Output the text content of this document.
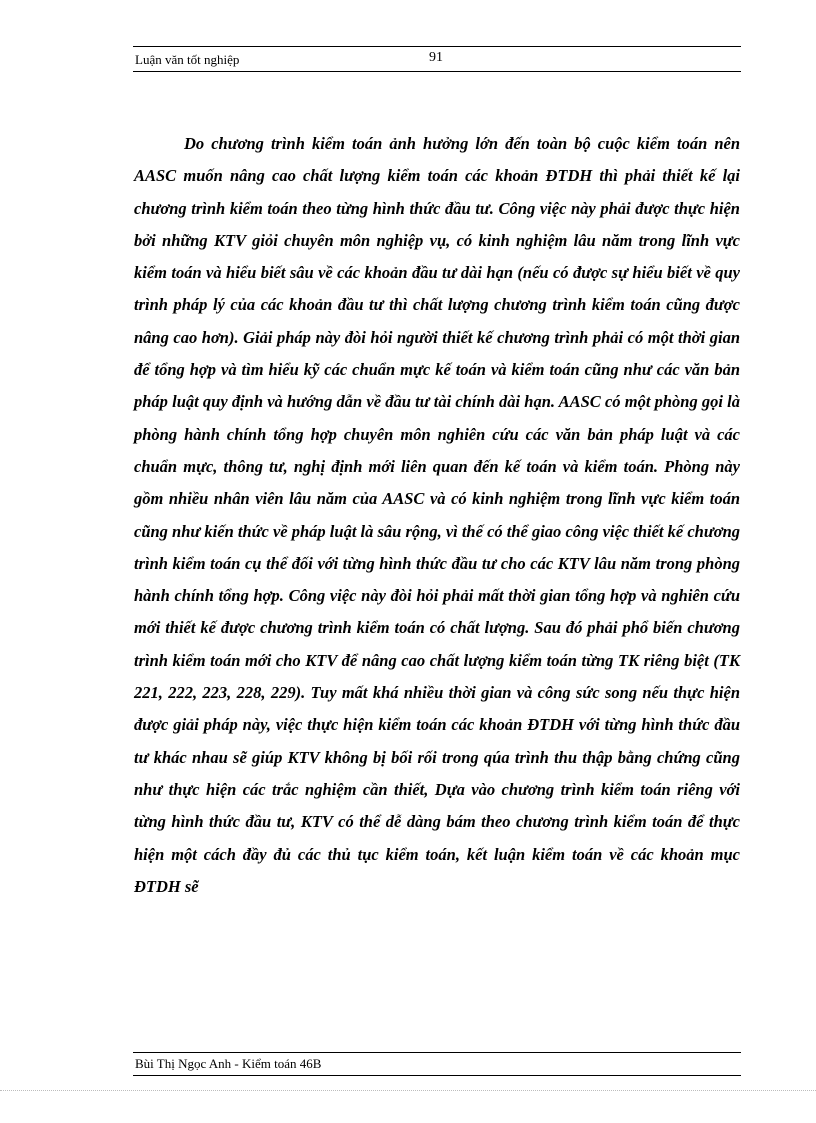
Luận văn tốt nghiệp	91

Do chương trình kiểm toán ảnh hưởng lớn đến toàn bộ cuộc kiểm toán nên AASC muốn nâng cao chất lượng kiểm toán các khoản ĐTDH thì phải thiết kế lại chương trình kiểm toán theo từng hình thức đầu tư. Công việc này phải được thực hiện bởi những KTV giỏi chuyên môn nghiệp vụ, có kinh nghiệm lâu năm trong lĩnh vực kiểm toán và hiểu biết sâu về các khoản đầu tư dài hạn (nếu có được sự hiểu biết về quy trình pháp lý của các khoản đầu tư thì chất lượng chương trình kiểm toán cũng được nâng cao hơn). Giải pháp này đòi hỏi người thiết kế chương trình phải có một thời gian để tổng hợp và tìm hiểu kỹ các chuẩn mực kế toán và kiểm toán cũng như các văn bản pháp luật quy định và hướng dẫn về đầu tư tài chính dài hạn. AASC có một phòng gọi là phòng hành chính tổng hợp chuyên môn nghiên cứu các văn bản pháp luật và các chuẩn mực, thông tư, nghị định mới liên quan đến kế toán và kiểm toán. Phòng này gồm nhiều nhân viên lâu năm của AASC và có kinh nghiệm trong lĩnh vực kiểm toán cũng như kiến thức về pháp luật là sâu rộng, vì thế có thể giao công việc thiết kế chương trình kiểm toán cụ thể đối với từng hình thức đầu tư cho các KTV lâu năm trong phòng hành chính tổng hợp. Công việc này đòi hỏi phải mất thời gian tổng hợp và nghiên cứu mới thiết kế được chương trình kiểm toán có chất lượng. Sau đó phải phổ biến chương trình kiểm toán mới cho KTV để nâng cao chất lượng kiểm toán từng TK riêng biệt (TK 221, 222, 223, 228, 229). Tuy mất khá nhiều thời gian và công sức song nếu thực hiện được giải pháp này, việc thực hiện kiểm toán các khoản ĐTDH với từng hình thức đầu tư khác nhau sẽ giúp KTV không bị bối rối trong qúa trình thu thập bằng chứng cũng như thực hiện các trắc nghiệm cần thiết, Dựa vào chương trình kiểm toán riêng với từng hình thức đầu tư, KTV có thể dễ dàng bám theo chương trình kiểm toán để thực hiện một cách đầy đủ các thủ tục kiểm toán, kết luận kiểm toán về các khoản mục ĐTDH sẽ

Bùi Thị Ngọc Anh - Kiểm toán 46B
